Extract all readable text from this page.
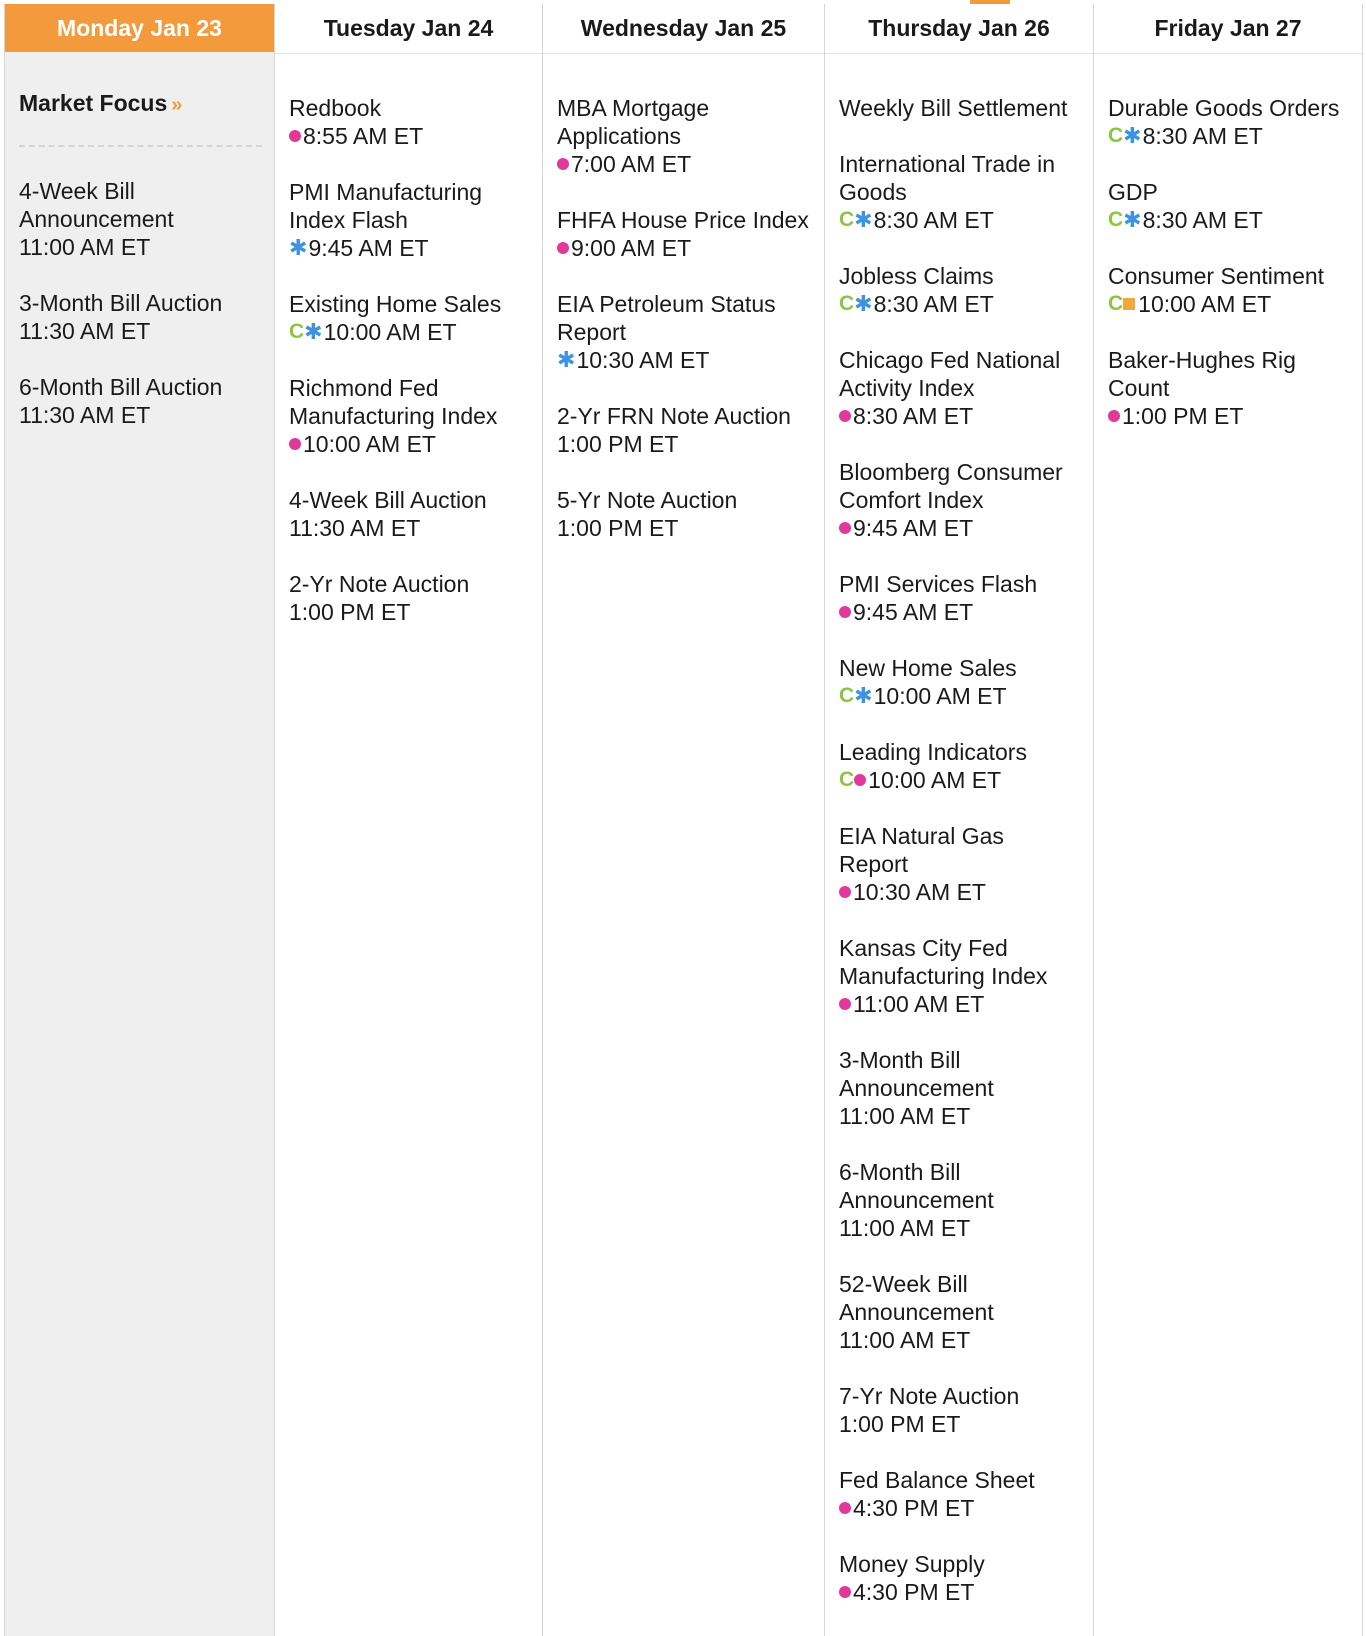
Monday Jan 23
Market Focus »
4-Week Bill Announcement
11:00 AM ET
3-Month Bill Auction
11:30 AM ET
6-Month Bill Auction
11:30 AM ET
Tuesday Jan 24
Redbook
8:55 AM ET
PMI Manufacturing Index Flash
✱ 9:45 AM ET
Existing Home Sales
C ✱ 10:00 AM ET
Richmond Fed Manufacturing Index
10:00 AM ET
4-Week Bill Auction
11:30 AM ET
2-Yr Note Auction
1:00 PM ET
Wednesday Jan 25
MBA Mortgage Applications
7:00 AM ET
FHFA House Price Index
9:00 AM ET
EIA Petroleum Status Report
✱ 10:30 AM ET
2-Yr FRN Note Auction
1:00 PM ET
5-Yr Note Auction
1:00 PM ET
Thursday Jan 26
Weekly Bill Settlement
International Trade in Goods
C ✱ 8:30 AM ET
Jobless Claims
C ✱ 8:30 AM ET
Chicago Fed National Activity Index
8:30 AM ET
Bloomberg Consumer Comfort Index
9:45 AM ET
PMI Services Flash
9:45 AM ET
New Home Sales
C ✱ 10:00 AM ET
Leading Indicators
C 10:00 AM ET
EIA Natural Gas Report
10:30 AM ET
Kansas City Fed Manufacturing Index
11:00 AM ET
3-Month Bill Announcement
11:00 AM ET
6-Month Bill Announcement
11:00 AM ET
52-Week Bill Announcement
11:00 AM ET
7-Yr Note Auction
1:00 PM ET
Fed Balance Sheet
4:30 PM ET
Money Supply
4:30 PM ET
Friday Jan 27
Durable Goods Orders
C ✱ 8:30 AM ET
GDP
C ✱ 8:30 AM ET
Consumer Sentiment
C 10:00 AM ET
Baker-Hughes Rig Count
1:00 PM ET
